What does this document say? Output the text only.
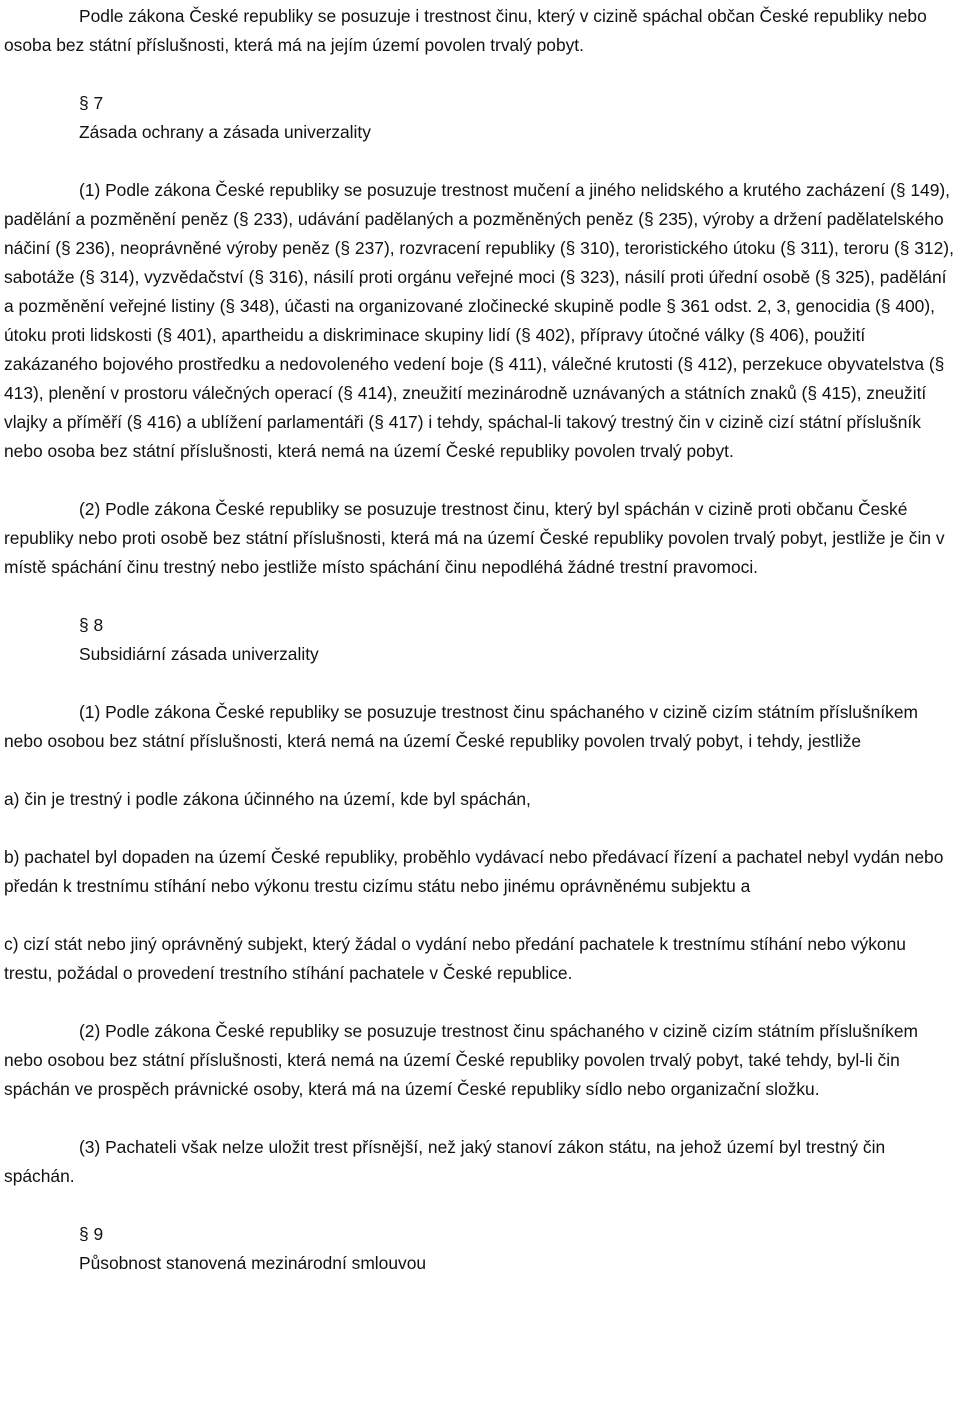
Podle zákona České republiky se posuzuje i trestnost činu, který v cizině spáchal občan České republiky nebo osoba bez státní příslušnosti, která má na jejím území povolen trvalý pobyt.

§ 7

Zásada ochrany a zásada univerzality

(1) Podle zákona České republiky se posuzuje trestnost mučení a jiného nelidského a krutého zacházení (§ 149), padělání a pozměnění peněz (§ 233), udávání padělaných a pozměněných peněz (§ 235), výroby a držení padělatelského náčiní (§ 236), neoprávněné výroby peněz (§ 237), rozvracení republiky (§ 310), teroristického útoku (§ 311), teroru (§ 312), sabotáže (§ 314), vyzvědačství (§ 316), násilí proti orgánu veřejné moci (§ 323), násilí proti úřední osobě (§ 325), padělání a pozměnění veřejné listiny (§ 348), účasti na organizované zločinecké skupině podle § 361 odst. 2, 3, genocidia (§ 400), útoku proti lidskosti (§ 401), apartheidu a diskriminace skupiny lidí (§ 402), přípravy útočné války (§ 406), použití zakázaného bojového prostředku a nedovoleného vedení boje (§ 411), válečné krutosti (§ 412), perzekuce obyvatelstva (§ 413), plenění v prostoru válečných operací (§ 414), zneužití mezinárodně uznávaných a státních znaků (§ 415), zneužití vlajky a příměří (§ 416) a ublížení parlamentáři (§ 417) i tehdy, spáchal-li takový trestný čin v cizině cizí státní příslušník nebo osoba bez státní příslušnosti, která nemá na území České republiky povolen trvalý pobyt.

(2) Podle zákona České republiky se posuzuje trestnost činu, který byl spáchán v cizině proti občanu České republiky nebo proti osobě bez státní příslušnosti, která má na území České republiky povolen trvalý pobyt, jestliže je čin v místě spáchání činu trestný nebo jestliže místo spáchání činu nepodléhá žádné trestní pravomoci.

§ 8

Subsidiární zásada univerzality

(1) Podle zákona České republiky se posuzuje trestnost činu spáchaného v cizině cizím státním příslušníkem nebo osobou bez státní příslušnosti, která nemá na území České republiky povolen trvalý pobyt, i tehdy, jestliže

a) čin je trestný i podle zákona účinného na území, kde byl spáchán,

b) pachatel byl dopaden na území České republiky, proběhlo vydávací nebo předávací řízení a pachatel nebyl vydán nebo předán k trestnímu stíhání nebo výkonu trestu cizímu státu nebo jinému oprávněnému subjektu a

c) cizí stát nebo jiný oprávněný subjekt, který žádal o vydání nebo předání pachatele k trestnímu stíhání nebo výkonu trestu, požádal o provedení trestního stíhání pachatele v České republice.

(2) Podle zákona České republiky se posuzuje trestnost činu spáchaného v cizině cizím státním příslušníkem nebo osobou bez státní příslušnosti, která nemá na území České republiky povolen trvalý pobyt, také tehdy, byl-li čin spáchán ve prospěch právnické osoby, která má na území České republiky sídlo nebo organizační složku.

(3) Pachateli však nelze uložit trest přísnější, než jaký stanoví zákon státu, na jehož území byl trestný čin spáchán.

§ 9

Působnost stanovená mezinárodní smlouvou
